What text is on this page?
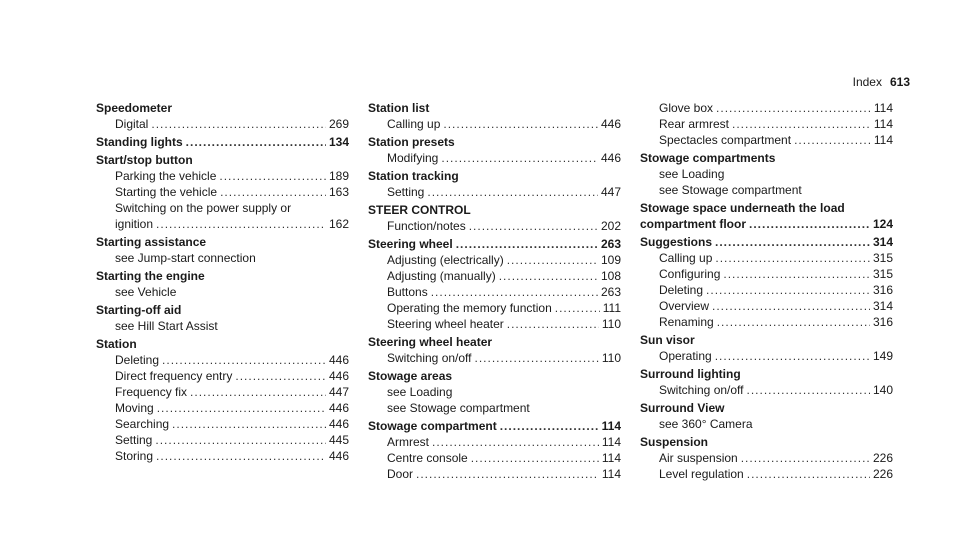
Index 613
Speedometer
Digital .....	269
Standing lights .....	134
Start/stop button
Parking the vehicle .....	189
Starting the vehicle .....	163
Switching on the power supply or
ignition .....	162
Starting assistance
see Jump-start connection
Starting the engine
see Vehicle
Starting-off aid
see Hill Start Assist
Station
Deleting .....	446
Direct frequency entry .....	446
Frequency fix .....	447
Moving .....	446
Searching .....	446
Setting .....	445
Storing .....	446
Station list
Calling up .....	446
Station presets
Modifying .....	446
Station tracking
Setting .....	447
STEER CONTROL
Function/notes .....	202
Steering wheel .....	263
Adjusting (electrically) .....	109
Adjusting (manually) .....	108
Buttons .....	263
Operating the memory function .....	111
Steering wheel heater .....	110
Steering wheel heater
Switching on/off .....	110
Stowage areas
see Loading
see Stowage compartment
Stowage compartment .....	114
Armrest .....	114
Centre console .....	114
Door .....	114
Glove box .....	114
Rear armrest .....	114
Spectacles compartment .....	114
Stowage compartments
see Loading
see Stowage compartment
Stowage space underneath the load
compartment floor .....	124
Suggestions .....	314
Calling up .....	315
Configuring .....	315
Deleting .....	316
Overview .....	314
Renaming .....	316
Sun visor
Operating .....	149
Surround lighting
Switching on/off .....	140
Surround View
see 360° Camera
Suspension
Air suspension .....	226
Level regulation .....	226
